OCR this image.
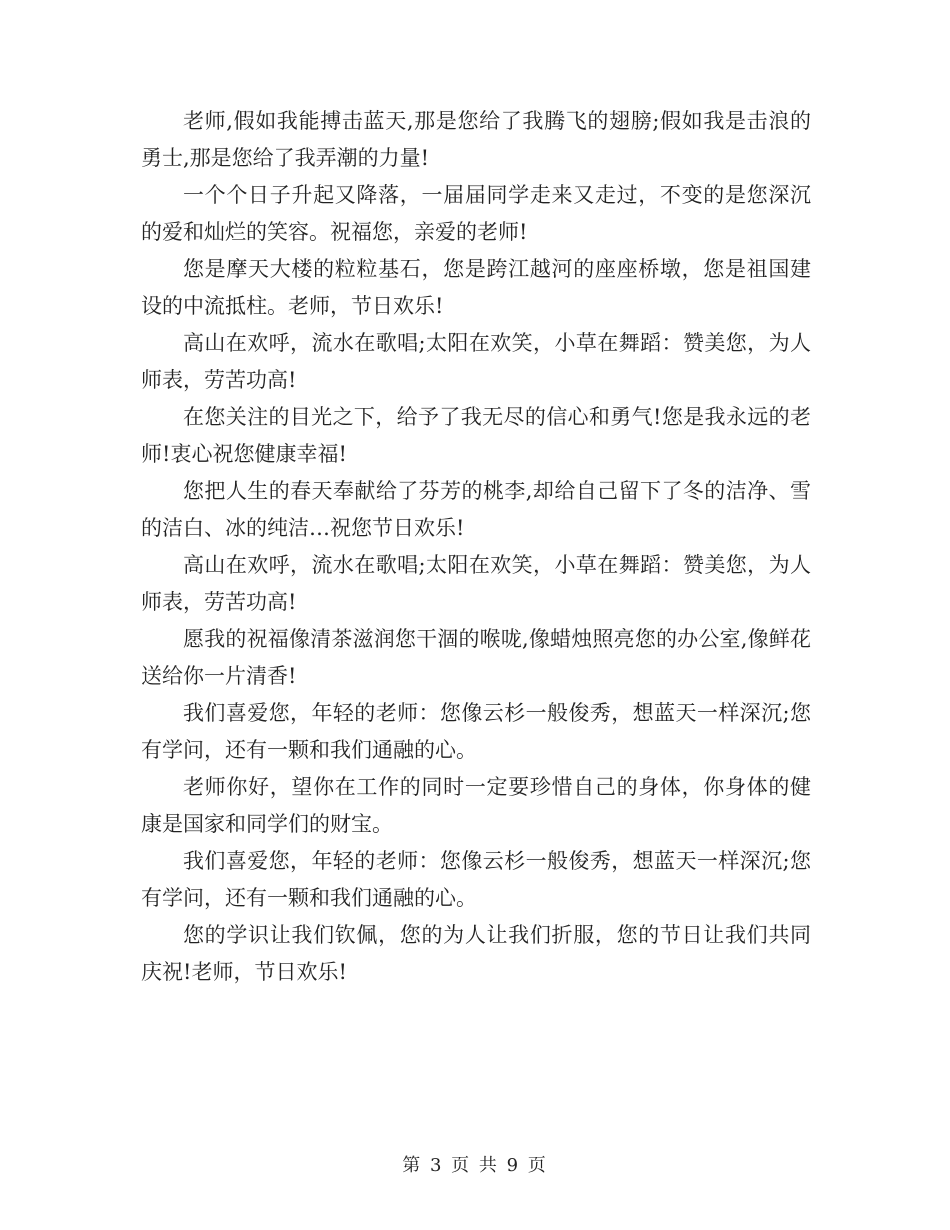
老师,假如我能搏击蓝天,那是您给了我腾飞的翅膀;假如我是击浪的勇士,那是您给了我弄潮的力量!

一个个日子升起又降落，一届届同学走来又走过，不变的是您深沉的爱和灿烂的笑容。祝福您，亲爱的老师!

您是摩天大楼的粒粒基石，您是跨江越河的座座桥墩，您是祖国建设的中流抵柱。老师，节日欢乐!

高山在欢呼，流水在歌唱;太阳在欢笑，小草在舞蹈：赞美您，为人师表，劳苦功高!

在您关注的目光之下，给予了我无尽的信心和勇气!您是我永远的老师!衷心祝您健康幸福!

您把人生的春天奉献给了芬芳的桃李,却给自己留下了冬的洁净、雪的洁白、冰的纯洁…祝您节日欢乐!

高山在欢呼，流水在歌唱;太阳在欢笑，小草在舞蹈：赞美您，为人师表，劳苦功高!

愿我的祝福像清茶滋润您干涸的喉咙,像蜡烛照亮您的办公室,像鲜花送给你一片清香!

我们喜爱您，年轻的老师：您像云杉一般俊秀，想蓝天一样深沉;您有学问，还有一颗和我们通融的心。

老师你好，望你在工作的同时一定要珍惜自己的身体，你身体的健康是国家和同学们的财宝。

我们喜爱您，年轻的老师：您像云杉一般俊秀，想蓝天一样深沉;您有学问，还有一颗和我们通融的心。

您的学识让我们钦佩，您的为人让我们折服，您的节日让我们共同庆祝!老师，节日欢乐!

第 3 页 共 9 页
